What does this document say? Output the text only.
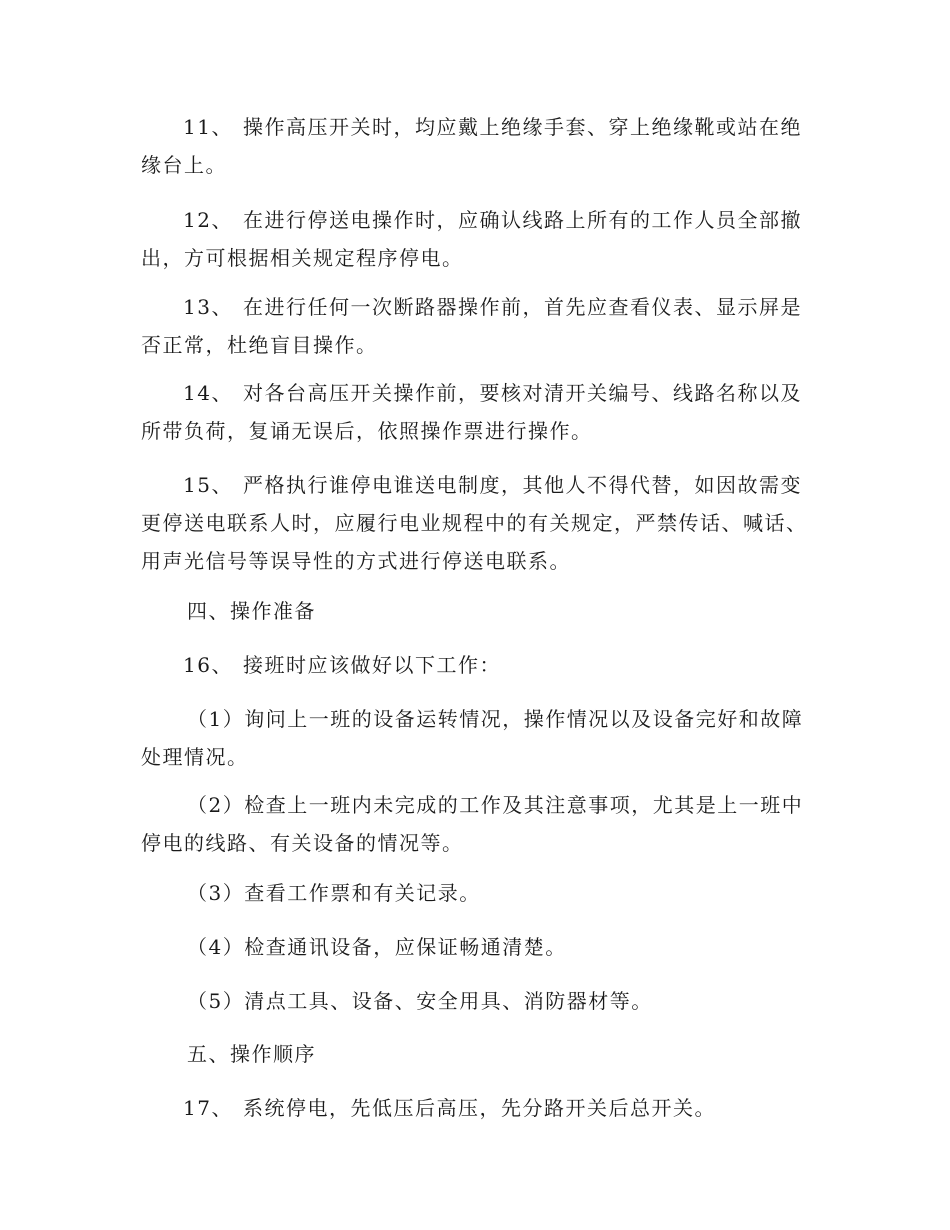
11、 操作高压开关时，均应戴上绝缘手套、穿上绝缘靴或站在绝缘台上。

12、 在进行停送电操作时，应确认线路上所有的工作人员全部撤出，方可根据相关规定程序停电。

13、 在进行任何一次断路器操作前，首先应查看仪表、显示屏是否正常，杜绝盲目操作。

14、 对各台高压开关操作前，要核对清开关编号、线路名称以及所带负荷，复诵无误后，依照操作票进行操作。

15、 严格执行谁停电谁送电制度，其他人不得代替，如因故需变更停送电联系人时，应履行电业规程中的有关规定，严禁传话、喊话、用声光信号等误导性的方式进行停送电联系。

四、操作准备

16、 接班时应该做好以下工作：

（1）询问上一班的设备运转情况，操作情况以及设备完好和故障处理情况。

（2）检查上一班内未完成的工作及其注意事项，尤其是上一班中停电的线路、有关设备的情况等。

（3）查看工作票和有关记录。

（4）检查通讯设备，应保证畅通清楚。

（5）清点工具、设备、安全用具、消防器材等。

五、操作顺序

17、 系统停电，先低压后高压，先分路开关后总开关。
